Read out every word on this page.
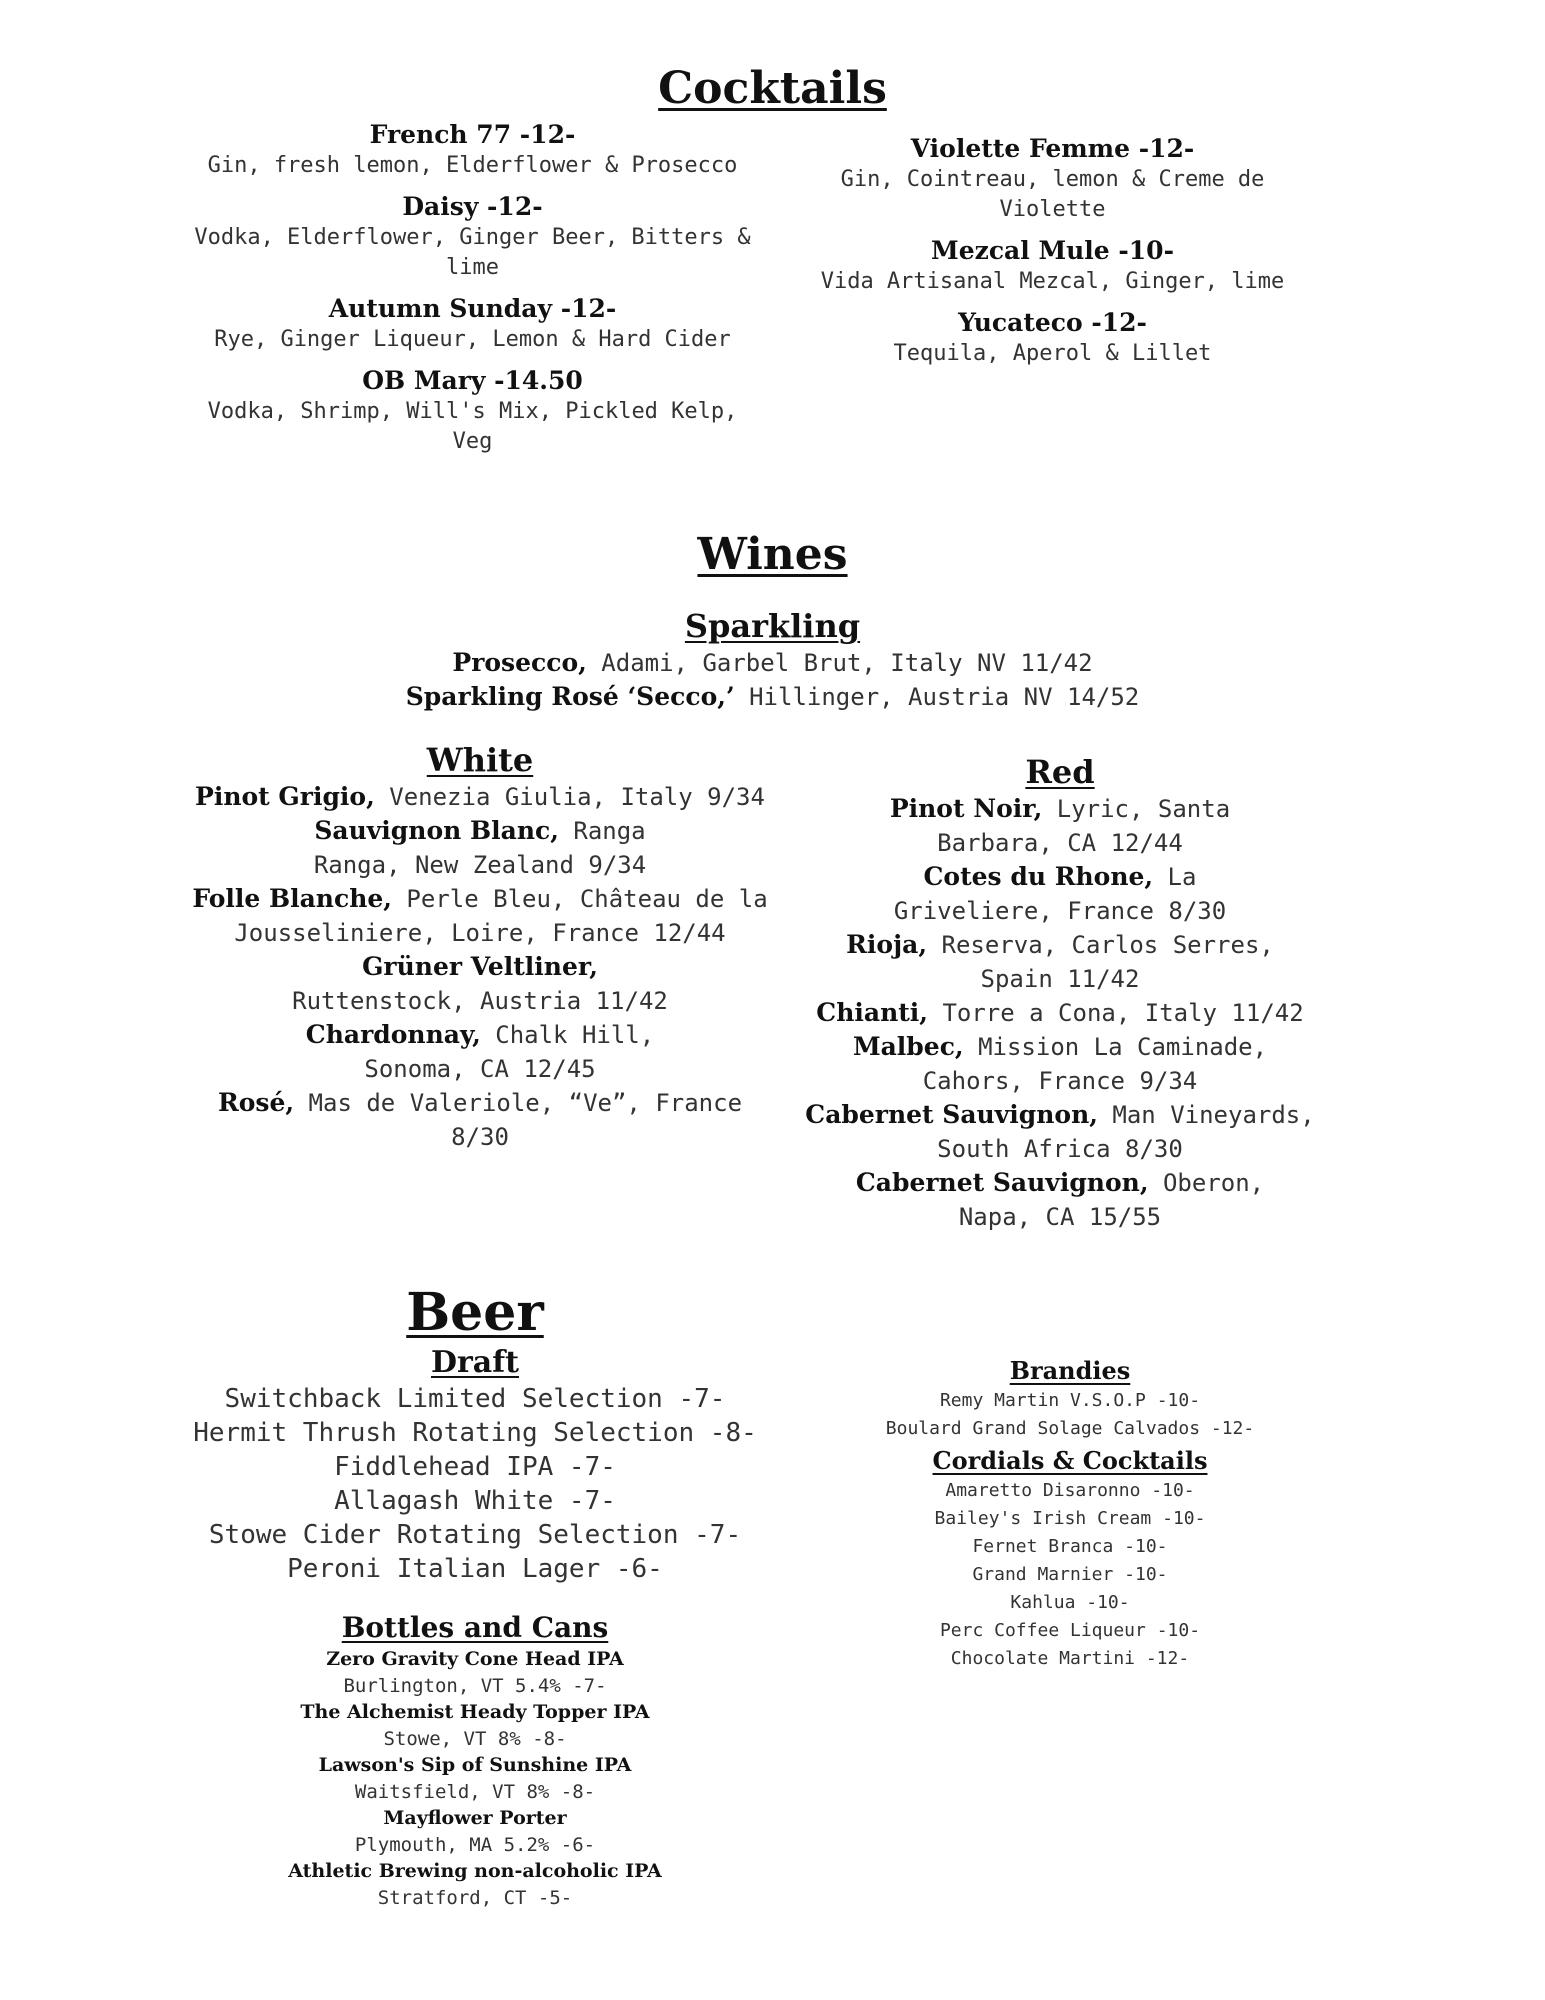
Cocktails
French 77 -12-
Gin, fresh lemon, Elderflower & Prosecco
Daisy -12-
Vodka, Elderflower, Ginger Beer, Bitters & lime
Autumn Sunday -12-
Rye, Ginger Liqueur, Lemon & Hard Cider
OB Mary -14.50
Vodka, Shrimp, Will's Mix, Pickled Kelp, Veg
Violette Femme -12-
Gin, Cointreau, lemon & Creme de Violette
Mezcal Mule -10-
Vida Artisanal Mezcal, Ginger, lime
Yucateco -12-
Tequila, Aperol & Lillet
Wines
Sparkling
Prosecco, Adami, Garbel Brut, Italy NV 11/42
Sparkling Rosé ‘Secco,’ Hillinger, Austria NV 14/52
White
Pinot Grigio, Venezia Giulia, Italy 9/34
Sauvignon Blanc, Ranga Ranga, New Zealand 9/34
Folle Blanche, Perle Bleu, Château de la Jousseliniere, Loire, France 12/44
Grüner Veltliner, Ruttenstock, Austria 11/42
Chardonnay, Chalk Hill, Sonoma, CA 12/45
Rosé, Mas de Valeriole, “Ve”, France 8/30
Red
Pinot Noir, Lyric, Santa Barbara, CA 12/44
Cotes du Rhone, La Griveliere, France 8/30
Rioja, Reserva, Carlos Serres, Spain 11/42
Chianti, Torre a Cona, Italy 11/42
Malbec, Mission La Caminade, Cahors, France 9/34
Cabernet Sauvignon, Man Vineyards, South Africa 8/30
Cabernet Sauvignon, Oberon, Napa, CA 15/55
Beer
Draft
Switchback Limited Selection -7-
Hermit Thrush Rotating Selection -8-
Fiddlehead IPA -7-
Allagash White -7-
Stowe Cider Rotating Selection -7-
Peroni Italian Lager -6-
Bottles and Cans
Zero Gravity Cone Head IPA
Burlington, VT 5.4% -7-
The Alchemist Heady Topper IPA
Stowe, VT 8% -8-
Lawson's Sip of Sunshine IPA
Waitsfield, VT 8% -8-
Mayflower Porter
Plymouth, MA 5.2% -6-
Athletic Brewing non-alcoholic IPA
Stratford, CT -5-
Brandies
Remy Martin V.S.O.P -10-
Boulard Grand Solage Calvados -12-
Cordials & Cocktails
Amaretto Disaronno -10-
Bailey's Irish Cream -10-
Fernet Branca -10-
Grand Marnier -10-
Kahlua -10-
Perc Coffee Liqueur -10-
Chocolate Martini -12-
